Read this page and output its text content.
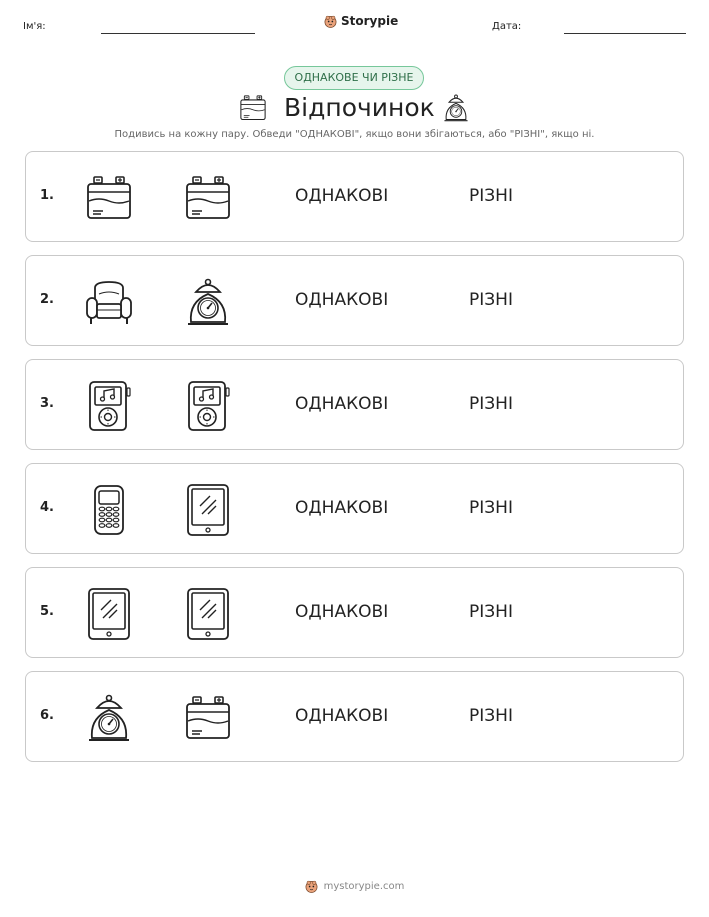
Ім'я:	Storypie	Дата:
ОДНАКОВЕ ЧИ РІЗНЕ
Відпочинок
Подивись на кожну пару. Обведи "ОДНАКОВІ", якщо вони збігаються, або "РІЗНІ", якщо ні.
1.	ОДНАКОВІ	РІЗНІ
2.	ОДНАКОВІ	РІЗНІ
3.	ОДНАКОВІ	РІЗНІ
4.	ОДНАКОВІ	РІЗНІ
5.	ОДНАКОВІ	РІЗНІ
6.	ОДНАКОВІ	РІЗНІ
mystorypie.com
